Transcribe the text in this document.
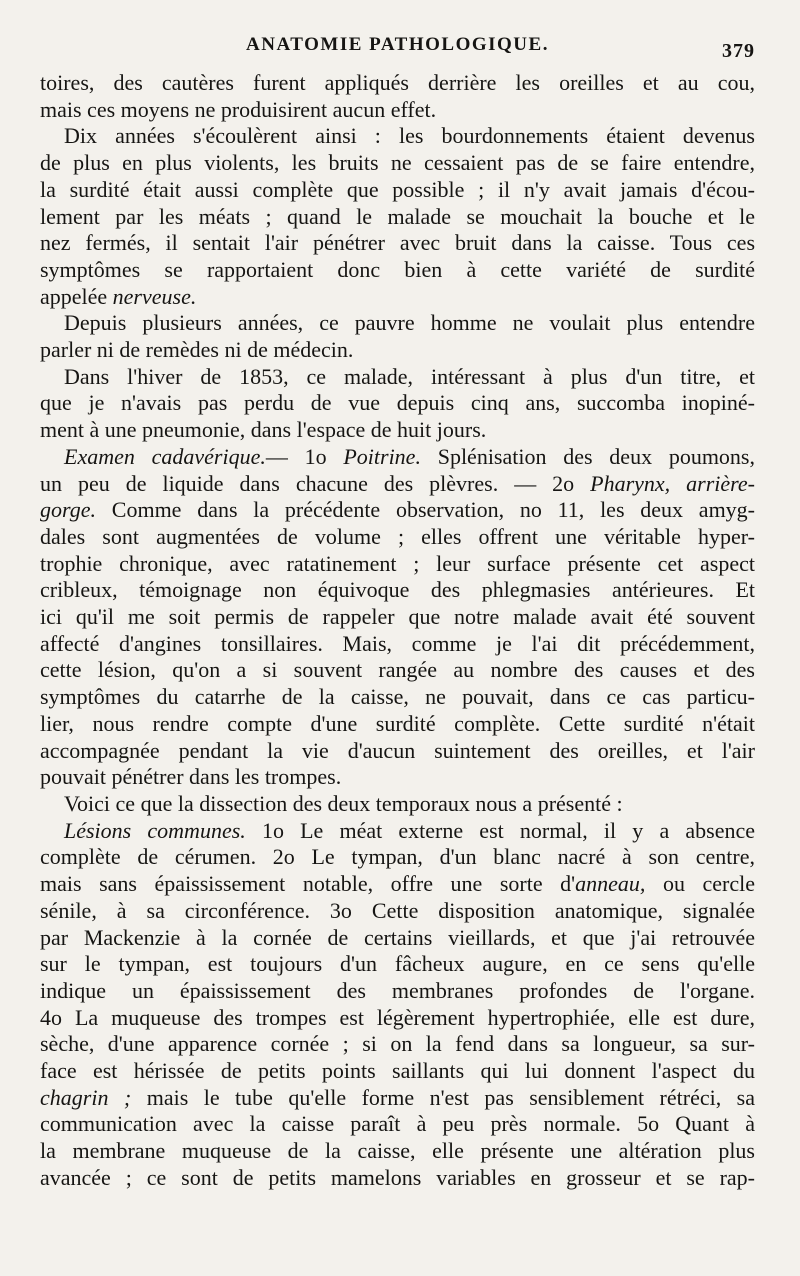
ANATOMIE PATHOLOGIQUE.	379

toires, des cautères furent appliqués derrière les oreilles et au cou,

mais ces moyens ne produisirent aucun effet.

Dix années s'écoulèrent ainsi : les bourdonnements étaient devenus

de plus en plus violents, les bruits ne cessaient pas de se faire entendre,

la surdité était aussi complète que possible ; il n'y avait jamais d'écou-

lement par les méats ; quand le malade se mouchait la bouche et le

nez fermés, il sentait l'air pénétrer avec bruit dans la caisse. Tous ces

symptômes se rapportaient donc bien à cette variété de surdité

appelée nerveuse.

Depuis plusieurs années, ce pauvre homme ne voulait plus entendre

parler ni de remèdes ni de médecin.

Dans l'hiver de 1853, ce malade, intéressant à plus d'un titre, et

que je n'avais pas perdu de vue depuis cinq ans, succomba inopiné-

ment à une pneumonie, dans l'espace de huit jours.

Examen cadavérique.— 1o Poitrine. Splénisation des deux poumons,

un peu de liquide dans chacune des plèvres. — 2o Pharynx, arrière-

gorge. Comme dans la précédente observation, no 11, les deux amyg-

dales sont augmentées de volume ; elles offrent une véritable hyper-

trophie chronique, avec ratatinement ; leur surface présente cet aspect

cribleux, témoignage non équivoque des phlegmasies antérieures. Et

ici qu'il me soit permis de rappeler que notre malade avait été souvent

affecté d'angines tonsillaires. Mais, comme je l'ai dit précédemment,

cette lésion, qu'on a si souvent rangée au nombre des causes et des

symptômes du catarrhe de la caisse, ne pouvait, dans ce cas particu-

lier, nous rendre compte d'une surdité complète. Cette surdité n'était

accompagnée pendant la vie d'aucun suintement des oreilles, et l'air

pouvait pénétrer dans les trompes.

Voici ce que la dissection des deux temporaux nous a présenté :

Lésions communes. 1o Le méat externe est normal, il y a absence

complète de cérumen. 2o Le tympan, d'un blanc nacré à son centre,

mais sans épaississement notable, offre une sorte d'anneau, ou cercle

sénile, à sa circonférence. 3o Cette disposition anatomique, signalée

par Mackenzie à la cornée de certains vieillards, et que j'ai retrouvée

sur le tympan, est toujours d'un fâcheux augure, en ce sens qu'elle

indique un épaississement des membranes profondes de l'organe.

4o La muqueuse des trompes est légèrement hypertrophiée, elle est dure,

sèche, d'une apparence cornée ; si on la fend dans sa longueur, sa sur-

face est hérissée de petits points saillants qui lui donnent l'aspect du

chagrin ; mais le tube qu'elle forme n'est pas sensiblement rétréci, sa

communication avec la caisse paraît à peu près normale. 5o Quant à

la membrane muqueuse de la caisse, elle présente une altération plus

avancée ; ce sont de petits mamelons variables en grosseur et se rap-
